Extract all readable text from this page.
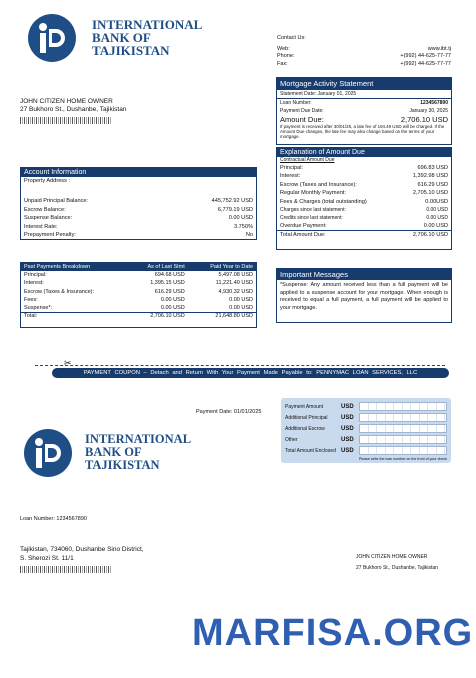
INTERNATIONAL
BANK OF
TAJIKISTAN
Contact Us:
Web:	www.ibt.tj
Phone:	+(992) 44-625-77-77
Fax:	+(992) 44-625-77-77
JOHN CITIZEN HOME OWNER
27 Bukhoro St., Dushanbe, Tajikistan
Mortgage Activity Statement
Statement Date: January 01, 2025
Loan Number:	1234567890
Payment Due Date:	January 30, 2025
Amount Due:	2,706.10 USD
If payment is received after 30/01/25, a late fee of 194.49 USD will be charged. If the Amount Due changes, the late fee may also change based on the terms of your mortgage.
Account Information
Property Address :
Unpaid Principal Balance:	445,752.92 USD
Escrow Balance:	6,779.19 USD
Suspense Balance:	0.00 USD
Interest Rate:	3.750%
Prepayment Penalty:	No
Explanation of Amount Due
Contractual Amount Due
Principal:	696.83 USD
Interest:	1,392.98 USD
Escrow (Taxes and Insurance):	616.29 USD
Regular Monthly Payment:	2,705.10 USD
Fees & Charges (total outstanding)	0.00USD
Charges since last statement:	0.00 USD
Credits since last statement:	0.00 USD
Overdue Payment:	0.00 USD
Total Amount Due:	2,706.10 USD
Past Payments Breakdown	As of Last Stmt	Paid Year to Date
Principal:	694.68 USD	5,497.08 USD
Interest:	1,395.15 USD	11,221.40 USD
Escrow (Taxes & Insurance):	616.29 USD	4,930.32 USD
Fees:	0.00 USD	0.00 USD
Suspense*:	0.00 USD	0.00 USD
Total:	2,706.10 USD	21,648.80 USD
Important Messages
*Suspense: Any amount received less than a full payment will be applied to a suspense account for your mortgage. When enough is received to equal a full payment, a full payment will be applied to your mortgage.
✂
PAYMENT COUPON – Detach and Return With Your Payment Made Payable to: PENNYMAC LOAN SERVICES, LLC
Payment Date: 01/01/2025
Payment Amount	USD
Additional Principal	USD
Additional Escrow	USD
Other	USD
Total Amount Enclosed USD
Please write the loan number on the front of your check
INTERNATIONAL
BANK OF
TAJIKISTAN
Loan Number: 1234567890
Tajikistan, 734060, Dushanbe Sino District,
S. Sherozi St. 11/1	JOHN CITIZEN HOME OWNER
27 Bukhoro St., Dushanbe, Tajikistan
MARFISA.ORG
